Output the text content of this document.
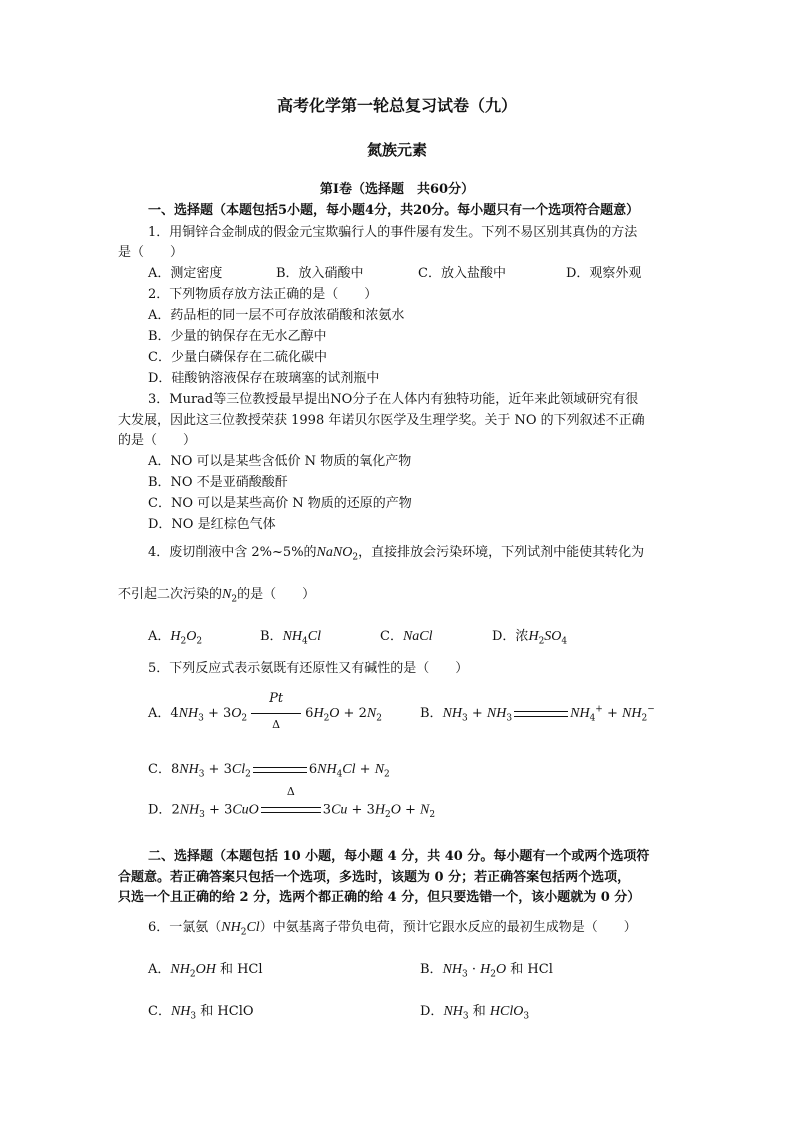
高考化学第一轮总复习试卷（九）
氮族元素
第Ⅰ卷（选择题　共60分）
一、选择题（本题包括5小题，每小题4分，共20分。每小题只有一个选项符合题意）
1．用铜锌合金制成的假金元宝欺骗行人的事件屡有发生。下列不易区别其真伪的方法
是（　　）
A．测定密度	B．放入硝酸中	C．放入盐酸中	D．观察外观
2．下列物质存放方法正确的是（　　）
A．药品柜的同一层不可存放浓硝酸和浓氨水
B．少量的钠保存在无水乙醇中
C．少量白磷保存在二硫化碳中
D．硅酸钠溶液保存在玻璃塞的试剂瓶中
3．Murad等三位教授最早提出NO分子在人体内有独特功能，近年来此领域研究有很
大发展，因此这三位教授荣获 1998 年诺贝尔医学及生理学奖。关于 NO 的下列叙述不正确
的是（　　）
A．NO 可以是某些含低价 N 物质的氧化产物
B．NO 不是亚硝酸酸酐
C．NO 可以是某些高价 N 物质的还原的产物
D．NO 是红棕色气体
4．废切削液中含 2%~5%的NaNO$_2$，直接排放会污染环境，下列试剂中能使其转化为
不引起二次污染的$N_2$的是（　　）
A．$H_2O_2$	B．$NH_4Cl$	C．NaCl	D．浓$H_2SO_4$
5．下列反应式表示氨既有还原性又有碱性的是（　　）
A．$4NH_3 + 3O_2$
Pt
Δ
$6H_2O + 2N_2$	B．$NH_3 + NH_3$	$NH_4^+ + NH_2^-$
C．$8NH_3 + 3Cl_2$	$6NH_4Cl + N_2$
D．$2NH_3 + 3CuO$
Δ
$3Cu + 3H_2O + N_2$
二、选择题（本题包括 10 小题，每小题 4 分，共 40 分。每小题有一个或两个选项符
合题意。若正确答案只包括一个选项，多选时，该题为 0 分；若正确答案包括两个选项，
只选一个且正确的给 2 分，选两个都正确的给 4 分，但只要选错一个，该小题就为 0 分）
6．一氯氨$(NH_2Cl)$中氨基离子带负电荷，预计它跟水反应的最初生成物是（　　）
A．$NH_2OH$ 和 HCl	B．$NH_3 \cdot H_2O$ 和 HCl
C．$NH_3$ 和 HClO	D．$NH_3$ 和 HClO$_3$
